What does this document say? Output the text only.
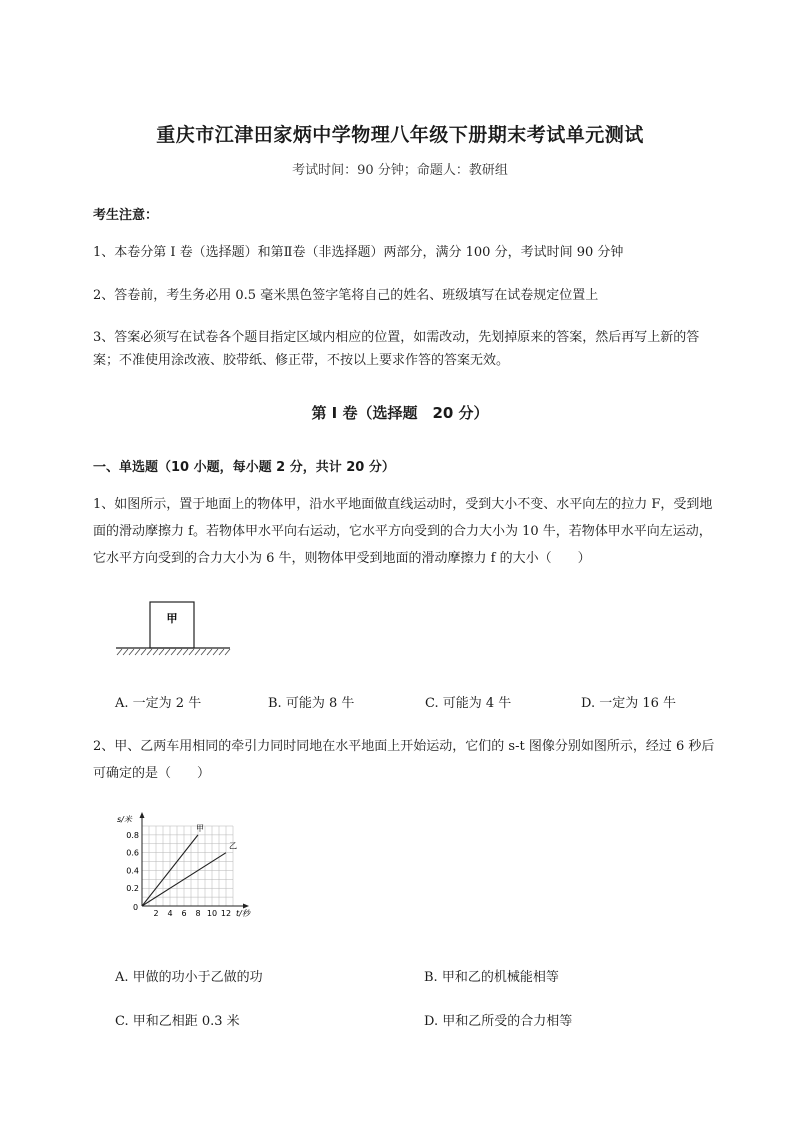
重庆市江津田家炳中学物理八年级下册期末考试单元测试
考试时间：90 分钟；命题人：教研组
考生注意：
1、本卷分第 I 卷（选择题）和第Ⅱ卷（非选择题）两部分，满分 100 分，考试时间 90 分钟
2、答卷前，考生务必用 0.5 毫米黑色签字笔将自己的姓名、班级填写在试卷规定位置上
3、答案必须写在试卷各个题目指定区域内相应的位置，如需改动，先划掉原来的答案，然后再写上新的答案；不准使用涂改液、胶带纸、修正带，不按以上要求作答的答案无效。
第 I 卷（选择题　20 分）
一、单选题（10 小题，每小题 2 分，共计 20 分）
1、如图所示，置于地面上的物体甲，沿水平地面做直线运动时，受到大小不变、水平向左的拉力 F，受到地面的滑动摩擦力 f。若物体甲水平向右运动，它水平方向受到的合力大小为 10 牛，若物体甲水平向左运动，它水平方向受到的合力大小为 6 牛，则物体甲受到地面的滑动摩擦力 f 的大小（　　）
甲
A. 一定为 2 牛	B. 可能为 8 牛	C. 可能为 4 牛	D. 一定为 16 牛
2、甲、乙两车用相同的牵引力同时同地在水平地面上开始运动，它们的 s-t 图像分别如图所示，经过 6 秒后可确定的是（　　）
2 4 6 8 10 12
0.2
0.4
0.6
0.8
0
s/米
t/秒
甲
乙
A. 甲做的功小于乙做的功	B. 甲和乙的机械能相等
C. 甲和乙相距 0.3 米	D. 甲和乙所受的合力相等
